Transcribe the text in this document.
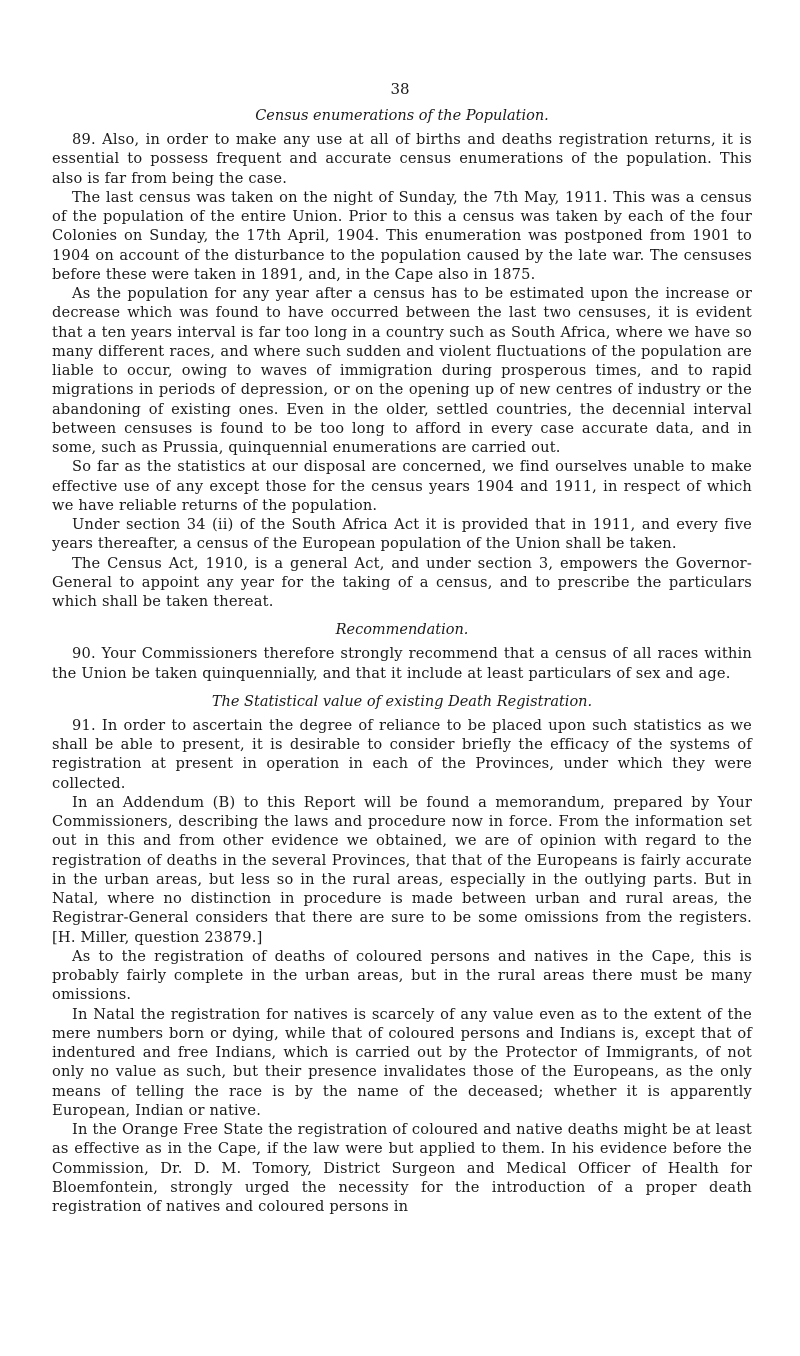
38
Census enumerations of the Population.

89. Also, in order to make any use at all of births and deaths registration returns, it is essential to possess frequent and accurate census enumerations of the population. This also is far from being the case.

The last census was taken on the night of Sunday, the 7th May, 1911. This was a census of the population of the entire Union. Prior to this a census was taken by each of the four Colonies on Sunday, the 17th April, 1904. This enumeration was postponed from 1901 to 1904 on account of the disturbance to the population caused by the late war. The censuses before these were taken in 1891, and, in the Cape also in 1875.

As the population for any year after a census has to be estimated upon the increase or decrease which was found to have occurred between the last two censuses, it is evident that a ten years interval is far too long in a country such as South Africa, where we have so many different races, and where such sudden and violent fluctuations of the population are liable to occur, owing to waves of immigration during prosperous times, and to rapid migrations in periods of depression, or on the opening up of new centres of industry or the abandoning of existing ones. Even in the older, settled countries, the decennial interval between censuses is found to be too long to afford in every case accurate data, and in some, such as Prussia, quinquennial enumerations are carried out.

So far as the statistics at our disposal are concerned, we find ourselves unable to make effective use of any except those for the census years 1904 and 1911, in respect of which we have reliable returns of the population.

Under section 34 (ii) of the South Africa Act it is provided that in 1911, and every five years thereafter, a census of the European population of the Union shall be taken.

The Census Act, 1910, is a general Act, and under section 3, empowers the Governor-General to appoint any year for the taking of a census, and to prescribe the particulars which shall be taken thereat.

Recommendation.

90. Your Commissioners therefore strongly recommend that a census of all races within the Union be taken quinquennially, and that it include at least particulars of sex and age.

The Statistical value of existing Death Registration.

91. In order to ascertain the degree of reliance to be placed upon such statistics as we shall be able to present, it is desirable to consider briefly the efficacy of the systems of registration at present in operation in each of the Provinces, under which they were collected.

In an Addendum (B) to this Report will be found a memorandum, prepared by Your Commissioners, describing the laws and procedure now in force. From the information set out in this and from other evidence we obtained, we are of opinion with regard to the registration of deaths in the several Provinces, that that of the Europeans is fairly accurate in the urban areas, but less so in the rural areas, especially in the outlying parts. But in Natal, where no distinction in procedure is made between urban and rural areas, the Registrar-General considers that there are sure to be some omissions from the registers. [H. Miller, question 23879.]

As to the registration of deaths of coloured persons and natives in the Cape, this is probably fairly complete in the urban areas, but in the rural areas there must be many omissions.

In Natal the registration for natives is scarcely of any value even as to the extent of the mere numbers born or dying, while that of coloured persons and Indians is, except that of indentured and free Indians, which is carried out by the Protector of Immigrants, of not only no value as such, but their presence invalidates those of the Europeans, as the only means of telling the race is by the name of the deceased; whether it is apparently European, Indian or native.

In the Orange Free State the registration of coloured and native deaths might be at least as effective as in the Cape, if the law were but applied to them. In his evidence before the Commission, Dr. D. M. Tomory, District Surgeon and Medical Officer of Health for Bloemfontein, strongly urged the necessity for the introduction of a proper death registration of natives and coloured persons in
